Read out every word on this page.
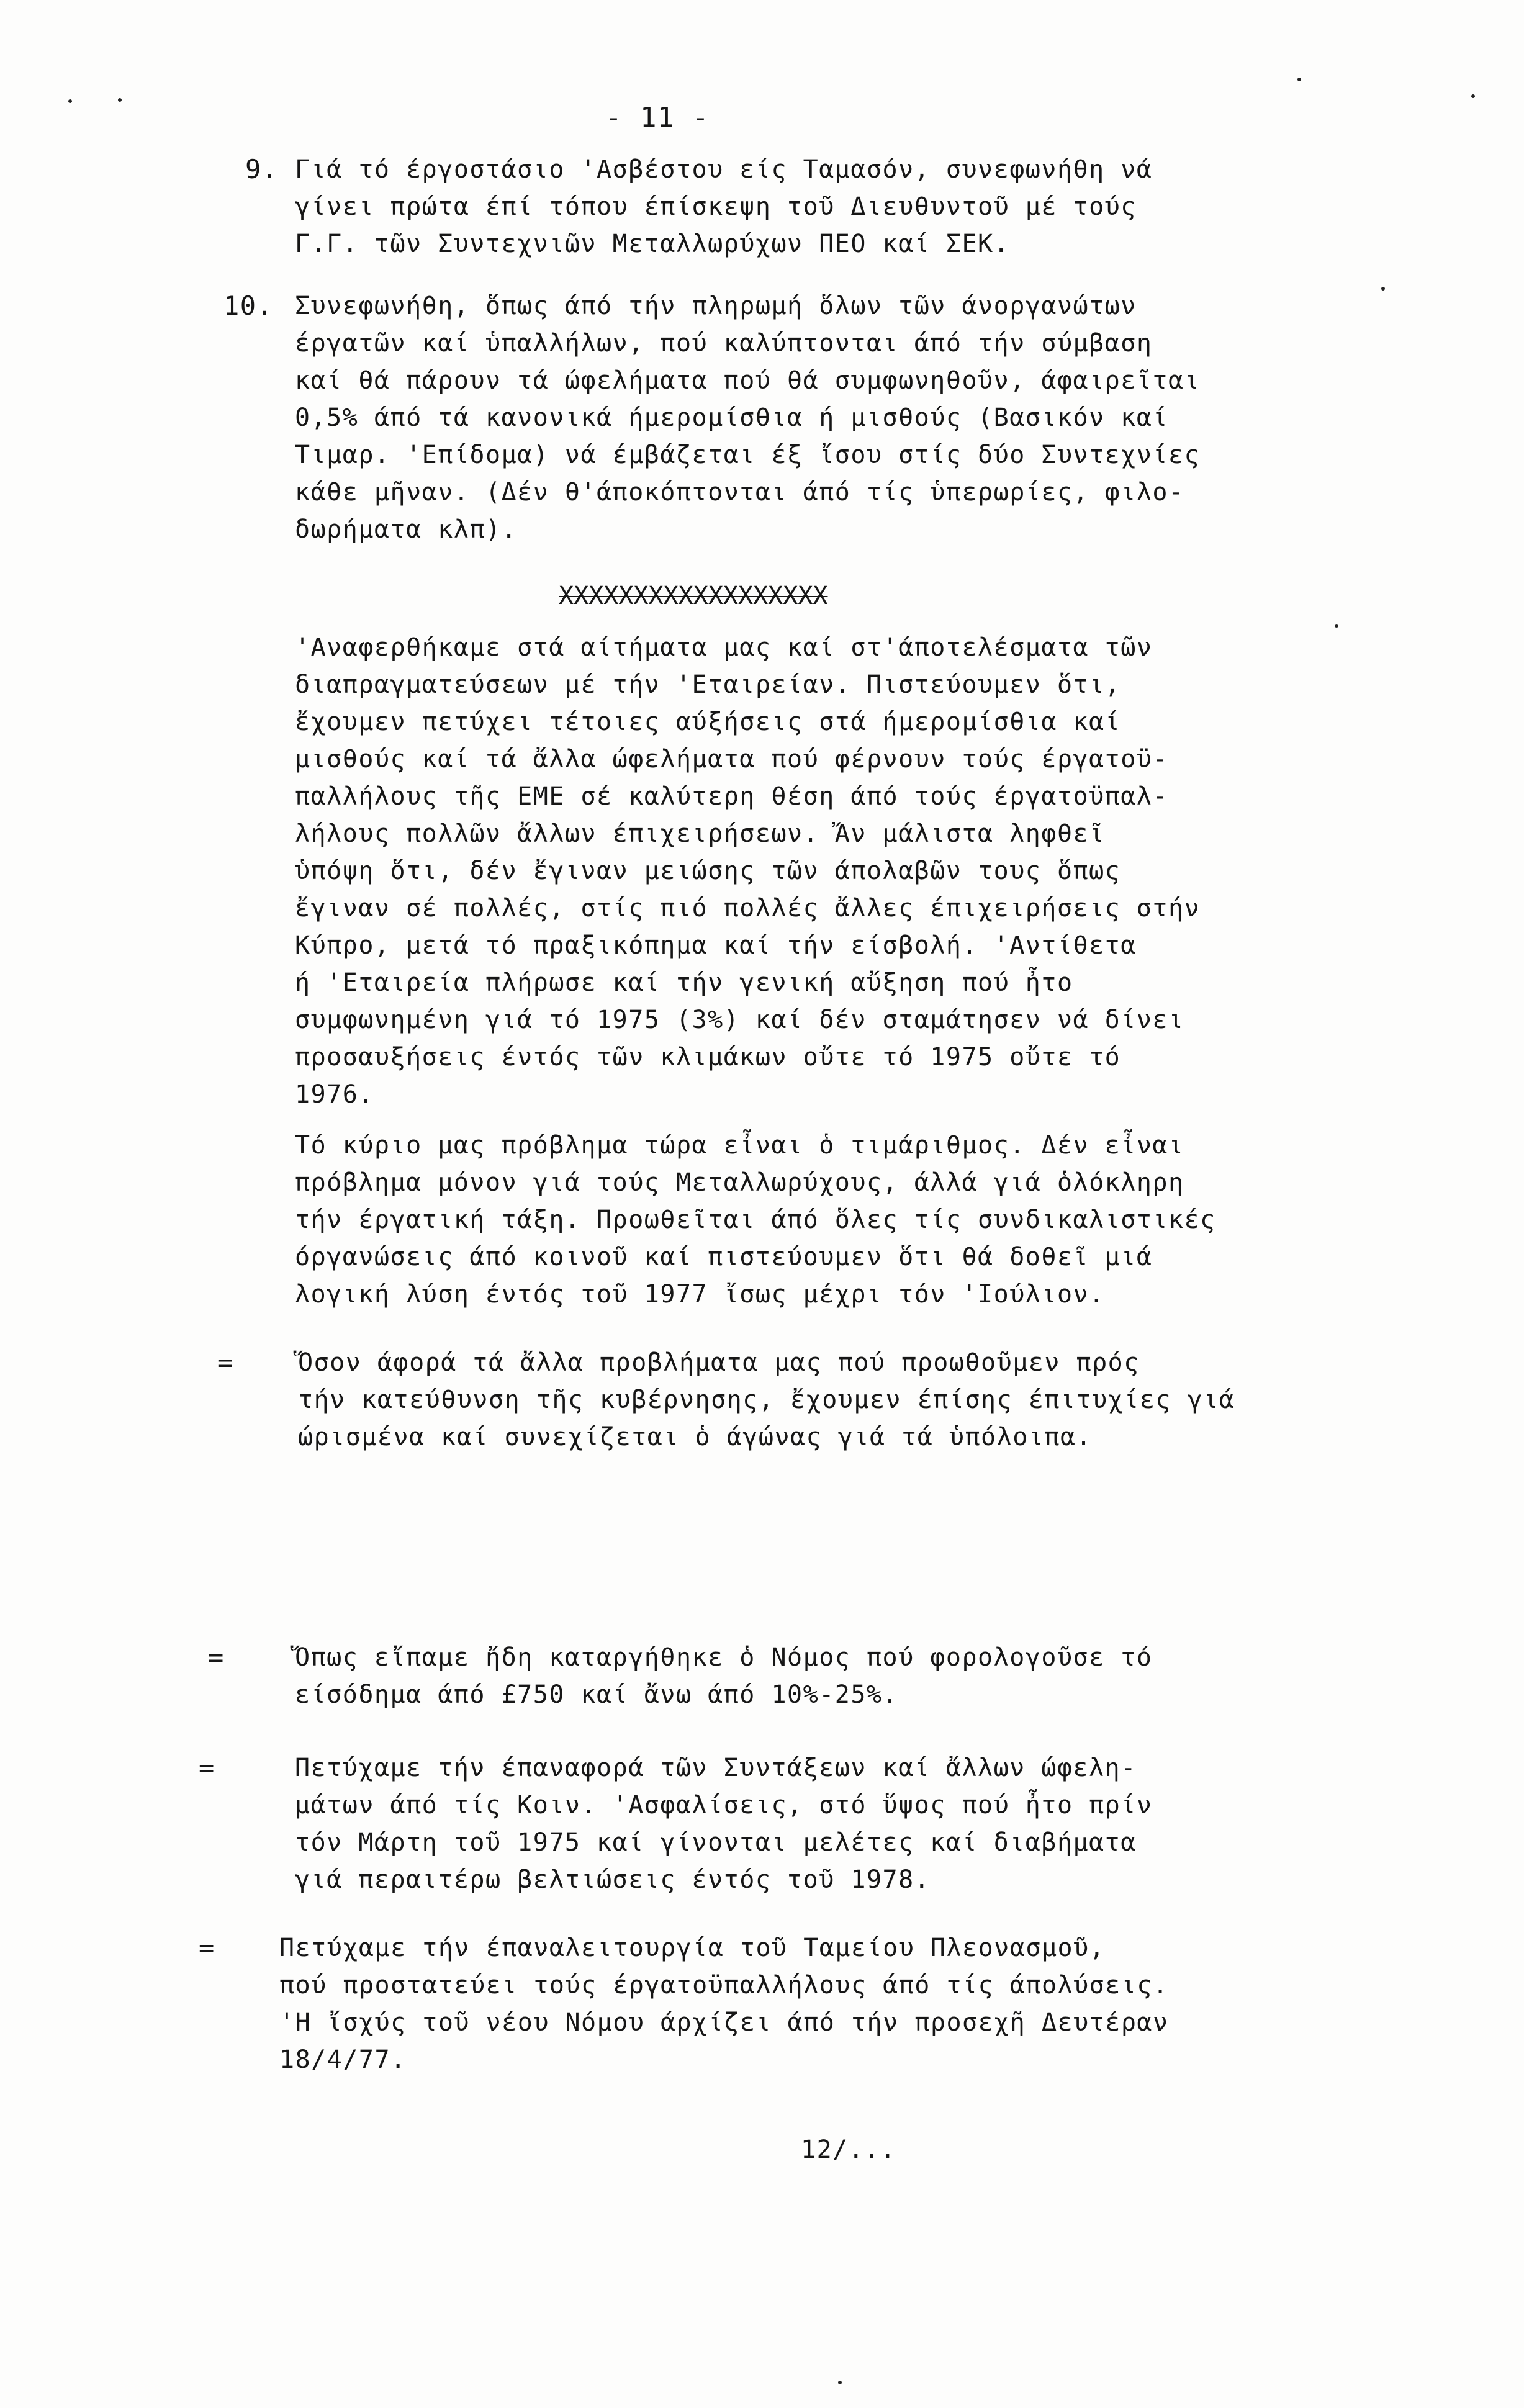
- 11 -
9. Γιά τό έργοστάσιο 'Ασβέστου είς Ταμασόν, συνεφωνήθη νά
γίνει πρώτα έπί τόπου έπίσκεψη τοῦ Διευθυντοῦ μέ τούς
Γ.Γ. τῶν Συντεχνιῶν Μεταλλωρύχων ΠΕΟ καί ΣΕΚ.
10. Συνεφωνήθη, ὅπως άπό τήν πληρωμή ὅλων τῶν άνοργανώτων
έργατῶν καί ὑπαλλήλων, πού καλύπτονται άπό τήν σύμβαση
καί θά πάρουν τά ώφελήματα πού θά συμφωνηθοῦν, άφαιρεῖται
0,5% άπό τά κανονικά ήμερομίσθια ή μισθούς (Βασικόν καί
Τιμαρ. 'Επίδομα) νά έμβάζεται έξ ἴσου στίς δύο Συντεχνίες
κάθε μῆναν. (Δέν θ'άποκόπτονται άπό τίς ὑπερωρίες, φιλο-
δωρήματα κλπ).
XXXXXXXXXXXXXXXXXX
'Αναφερθήκαμε στά αίτήματα μας καί στ'άποτελέσματα τῶν
διαπραγματεύσεων μέ τήν 'Εταιρείαν. Πιστεύουμεν ὅτι,
ἔχουμεν πετύχει τέτοιες αύξήσεις στά ήμερομίσθια καί
μισθούς καί τά ἄλλα ώφελήματα πού φέρνουν τούς έργατοϋ-
παλλήλους τῆς ΕΜΕ σέ καλύτερη θέση άπό τούς έργατοϋπαλ-
λήλους πολλῶν ἄλλων έπιχειρήσεων. Ἄν μάλιστα ληφθεῖ
ὑπόψη ὅτι, δέν ἔγιναν μειώσης τῶν άπολαβῶν τους ὅπως
ἔγιναν σέ πολλές, στίς πιό πολλές ἄλλες έπιχειρήσεις στήν
Κύπρο, μετά τό πραξικόπημα καί τήν είσβολή. 'Αντίθετα
ή 'Εταιρεία πλήρωσε καί τήν γενική αὔξηση πού ἦτο
συμφωνημένη γιά τό 1975 (3%) καί δέν σταμάτησεν νά δίνει
προσαυξήσεις έντός τῶν κλιμάκων οὔτε τό 1975 οὔτε τό
1976.
Τό κύριο μας πρόβλημα τώρα εἶναι ὁ τιμάριθμος. Δέν εἶναι
πρόβλημα μόνον γιά τούς Μεταλλωρύχους, άλλά γιά ὁλόκληρη
τήν έργατική τάξη. Προωθεῖται άπό ὅλες τίς συνδικαλιστικές
όργανώσεις άπό κοινοῦ καί πιστεύουμεν ὅτι θά δοθεῖ μιά
λογική λύση έντός τοῦ 1977 ἴσως μέχρι τόν 'Ιούλιον.
=	Ὅσον άφορά τά ἄλλα προβλήματα μας πού προωθοῦμεν πρός
τήν κατεύθυνση τῆς κυβέρνησης, ἔχουμεν έπίσης έπιτυχίες γιά
ώρισμένα καί συνεχίζεται ὁ άγώνας γιά τά ὑπόλοιπα.
=	Ὅπως εἴπαμε ἤδη καταργήθηκε ὁ Νόμος πού φορολογοῦσε τό
είσόδημα άπό £750 καί ἄνω άπό 10%-25%.
=	Πετύχαμε τήν έπαναφορά τῶν Συντάξεων καί ἄλλων ώφελη-
μάτων άπό τίς Κοιν. 'Ασφαλίσεις, στό ὕψος πού ἦτο πρίν
τόν Μάρτη τοῦ 1975 καί γίνονται μελέτες καί διαβήματα
γιά περαιτέρω βελτιώσεις έντός τοῦ 1978.
=	Πετύχαμε τήν έπαναλειτουργία τοῦ Ταμείου Πλεονασμοῦ,
πού προστατεύει τούς έργατοϋπαλλήλους άπό τίς άπολύσεις.
'Η ἴσχύς τοῦ νέου Νόμου άρχίζει άπό τήν προσεχῆ Δευτέραν
18/4/77.
12/...
